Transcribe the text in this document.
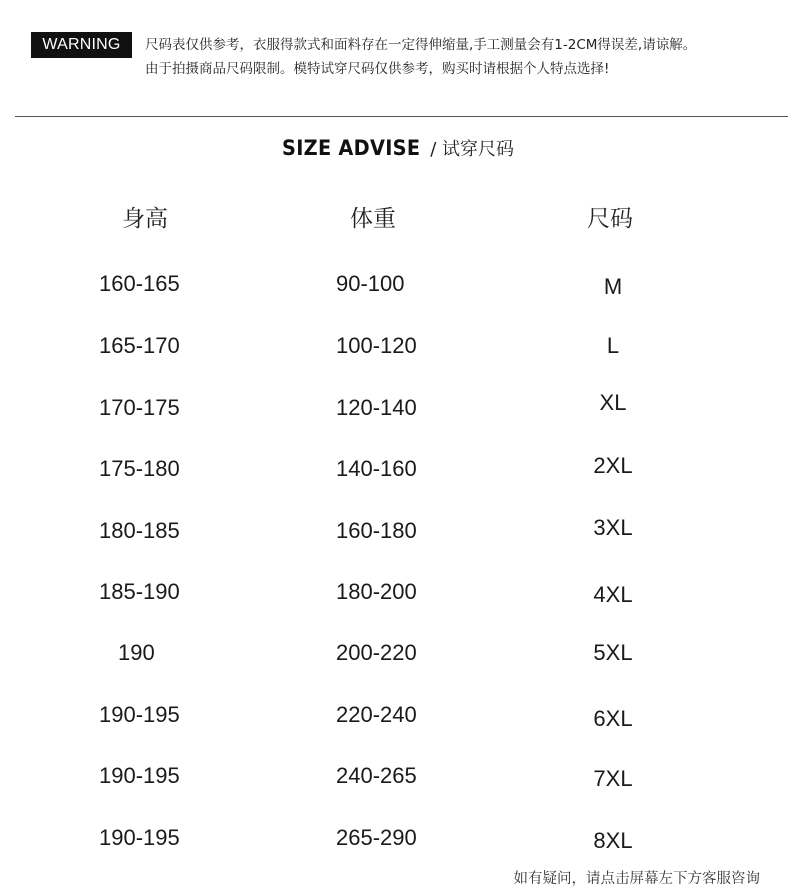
WARNING	尺码表仅供参考，衣服得款式和面料存在一定得伸缩量,手工测量会有1-2CM得误差,请谅解。
由于拍摄商品尺码限制。模特试穿尺码仅供参考，购买时请根据个人特点选择!
SIZE ADVISE / 试穿尺码
身高	体重	尺码
160-165	90-100	M
165-170	100-120	L
170-175	120-140	XL
175-180	140-160	2XL
180-185	160-180	3XL
185-190	180-200	4XL
190	200-220	5XL
190-195	220-240	6XL
190-195	240-265	7XL
190-195	265-290	8XL
如有疑问，请点击屏幕左下方客服咨询
